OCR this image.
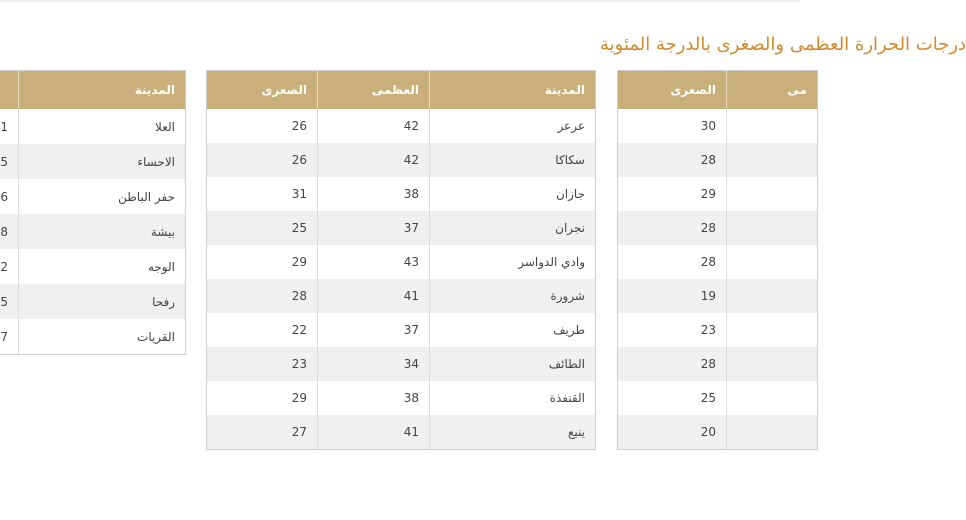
درجات الحرارة العظمى والصغرى بالدرجة المئوية
مى	الصغرى
	30
	28
	29
	28
	28
	19
	23
	28
	25
	20
المدينة	العظمى	الصغرى
عرعر	42	26
سكاكا	42	26
جازان	38	31
نجران	37	25
وادي الدواسر	43	29
شرورة	41	28
طريف	37	22
الطائف	34	23
القنفذة	38	29
ينبع	41	27
المدينة	
العلا	1
الاحساء	5
حفر الباطن	6
بيشة	8
الوجه	2
رفحا	5
القريات	7
